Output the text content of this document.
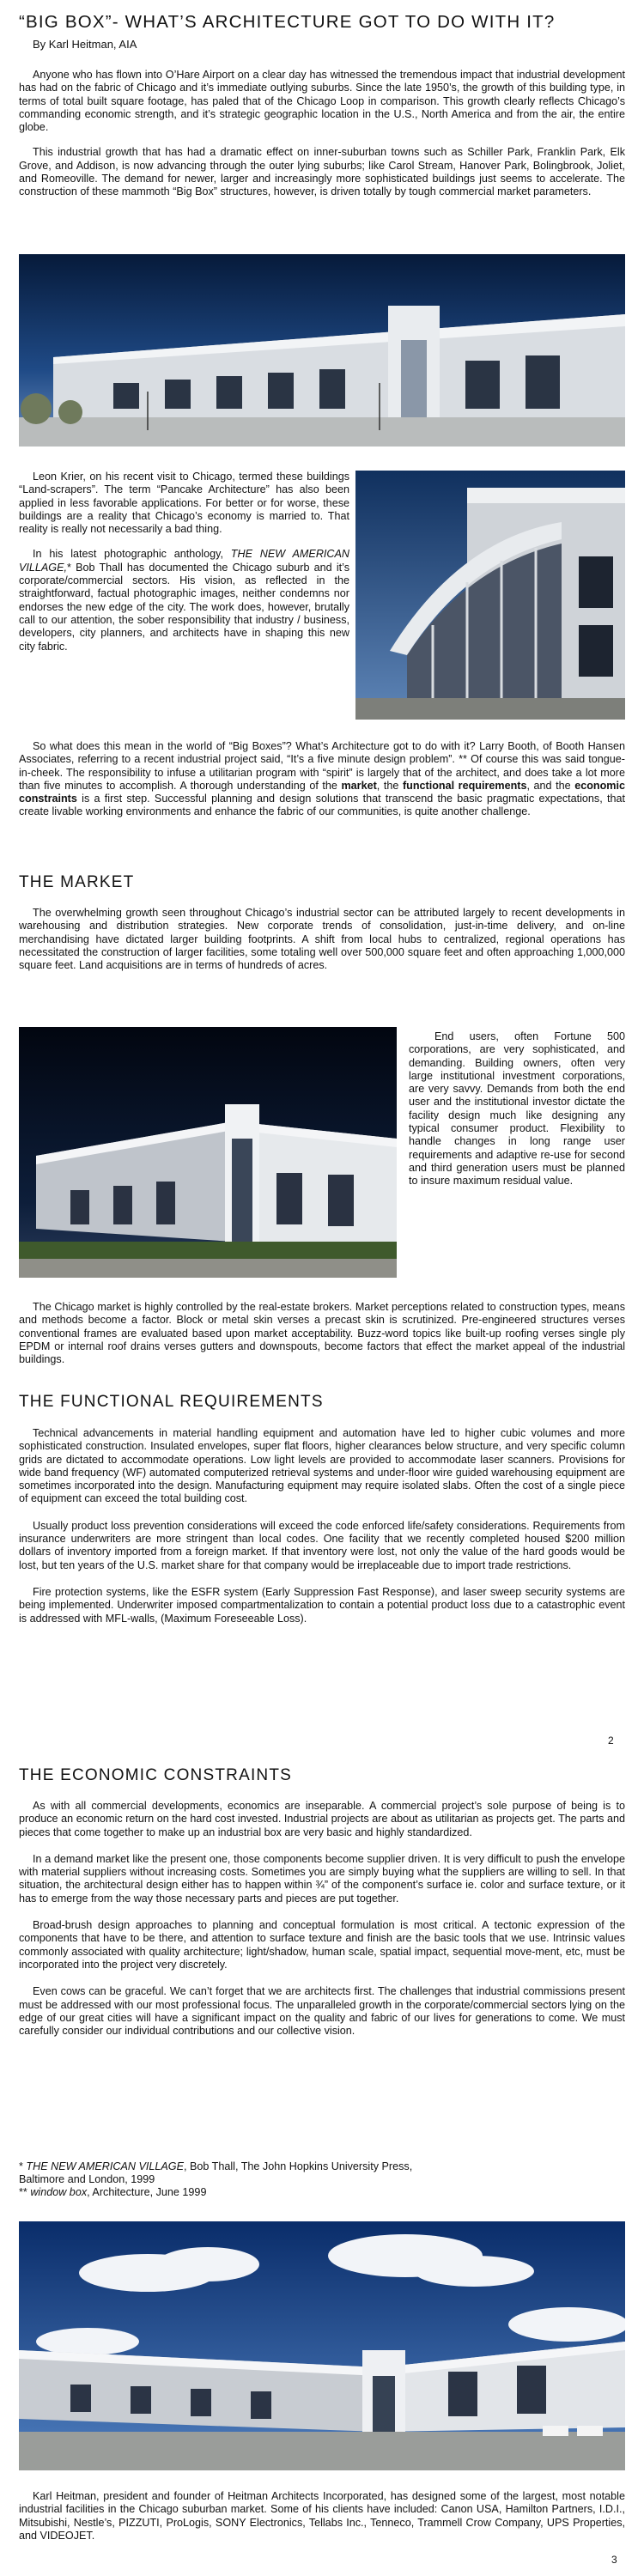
“BIG BOX”- WHAT’S ARCHITECTURE GOT TO DO WITH IT?
By Karl Heitman, AIA

Anyone who has flown into O’Hare Airport on a clear day has witnessed the tremendous impact that industrial development has had on the fabric of Chicago and it’s immediate outlying suburbs. Since the late 1950’s, the growth of this building type, in terms of total built square footage, has paled that of the Chicago Loop in comparison. This growth clearly reflects Chicago’s commanding economic strength, and it’s strategic geographic location in the U.S., North America and from the air, the entire globe.

This industrial growth that has had a dramatic effect on inner-suburban towns such as Schiller Park, Franklin Park, Elk Grove, and Addison, is now advancing through the outer lying suburbs; like Carol Stream, Hanover Park, Bolingbrook, Joliet, and Romeoville. The demand for newer, larger and increasingly more sophisticated buildings just seems to accelerate. The construction of these mammoth “Big Box” structures, however, is driven totally by tough commercial market parameters.

Leon Krier, on his recent visit to Chicago, termed these buildings “Land-scrapers”. The term “Pancake Architecture” has also been applied in less favorable applications. For better or for worse, these buildings are a reality that Chicago’s economy is married to. That reality is really not necessarily a bad thing.

In his latest photographic anthology, THE NEW AMERICAN VILLAGE,* Bob Thall has documented the Chicago suburb and it’s corporate/commercial sectors. His vision, as reflected in the straightforward, factual photographic images, neither condemns nor endorses the new edge of the city. The work does, however, brutally call to our attention, the sober responsibility that industry / business, developers, city planners, and architects have in shaping this new city fabric.

So what does this mean in the world of “Big Boxes”? What’s Architecture got to do with it? Larry Booth, of Booth Hansen Associates, referring to a recent industrial project said, “It’s a five minute design problem”. ** Of course this was said tongue-in-cheek. The responsibility to infuse a utilitarian program with “spirit” is largely that of the architect, and does take a lot more than five minutes to accomplish. A thorough understanding of the market, the functional requirements, and the economic constraints is a first step. Successful planning and design solutions that transcend the basic pragmatic expectations, that create livable working environments and enhance the fabric of our communities, is quite another challenge.

THE MARKET

The overwhelming growth seen throughout Chicago’s industrial sector can be attributed largely to recent developments in warehousing and distribution strategies. New corporate trends of consolidation, just-in-time delivery, and on-line merchandising have dictated larger building footprints. A shift from local hubs to centralized, regional operations has necessitated the construction of larger facilities, some totaling well over 500,000 square feet and often approaching 1,000,000 square feet. Land acquisitions are in terms of hundreds of acres.

End users, often Fortune 500 corporations, are very sophisticated, and demanding. Building owners, often very large institutional investment corporations, are very savvy. Demands from both the end user and the institutional investor dictate the facility design much like designing any typical consumer product. Flexibility to handle changes in long range user requirements and adaptive re-use for second and third generation users must be planned to insure maximum residual value.

The Chicago market is highly controlled by the real-estate brokers. Market perceptions related to construction types, means and methods become a factor. Block or metal skin verses a precast skin is scrutinized. Pre-engineered structures verses conventional frames are evaluated based upon market acceptability. Buzz-word topics like built-up roofing verses single ply EPDM or internal roof drains verses gutters and downspouts, become factors that effect the market appeal of the industrial buildings.

THE FUNCTIONAL REQUIREMENTS

Technical advancements in material handling equipment and automation have led to higher cubic volumes and more sophisticated construction. Insulated envelopes, super flat floors, higher clearances below structure, and very specific column grids are dictated to accommodate operations. Low light levels are provided to accommodate laser scanners. Provisions for wide band frequency (WF) automated computerized retrieval systems and under-floor wire guided warehousing equipment are sometimes incorporated into the design. Manufacturing equipment may require isolated slabs. Often the cost of a single piece of equipment can exceed the total building cost.

Usually product loss prevention considerations will exceed the code enforced life/safety considerations. Requirements from insurance underwriters are more stringent than local codes. One facility that we recently completed housed $200 million dollars of inventory imported from a foreign market. If that inventory were lost, not only the value of the hard goods would be lost, but ten years of the U.S. market share for that company would be irreplaceable due to import trade restrictions.

Fire protection systems, like the ESFR system (Early Suppression Fast Response), and laser sweep security systems are being implemented. Underwriter imposed compartmentalization to contain a potential product loss due to a catastrophic event is addressed with MFL-walls, (Maximum Foreseeable Loss).

2
THE ECONOMIC CONSTRAINTS

As with all commercial developments, economics are inseparable. A commercial project’s sole purpose of being is to produce an economic return on the hard cost invested. Industrial projects are about as utilitarian as projects get. The parts and pieces that come together to make up an industrial box are very basic and highly standardized.

In a demand market like the present one, those components become supplier driven. It is very difficult to push the envelope with material suppliers without increasing costs. Sometimes you are simply buying what the suppliers are willing to sell. In that situation, the architectural design either has to happen within ¾” of the component’s surface ie. color and surface texture, or it has to emerge from the way those necessary parts and pieces are put together.

Broad-brush design approaches to planning and conceptual formulation is most critical. A tectonic expression of the components that have to be there, and attention to surface texture and finish are the basic tools that we use. Intrinsic values commonly associated with quality architecture; light/shadow, human scale, spatial impact, sequential move-ment, etc, must be incorporated into the project very discretely.

Even cows can be graceful. We can’t forget that we are architects first. The challenges that industrial commissions present must be addressed with our most professional focus. The unparalleled growth in the corporate/commercial sectors lying on the edge of our great cities will have a significant impact on the quality and fabric of our lives for generations to come. We must carefully consider our individual contributions and our collective vision.

* THE NEW AMERICAN VILLAGE, Bob Thall, The John Hopkins University Press,
Baltimore and London, 1999
** window box, Architecture, June 1999

Karl Heitman, president and founder of Heitman Architects Incorporated, has designed some of the largest, most notable industrial facilities in the Chicago suburban market. Some of his clients have included: Canon USA, Hamilton Partners, I.D.I., Mitsubishi, Nestle’s, PIZZUTI, ProLogis, SONY Electronics, Tellabs Inc., Tenneco, Trammell Crow Company, UPS Properties, and VIDEOJET.

3
